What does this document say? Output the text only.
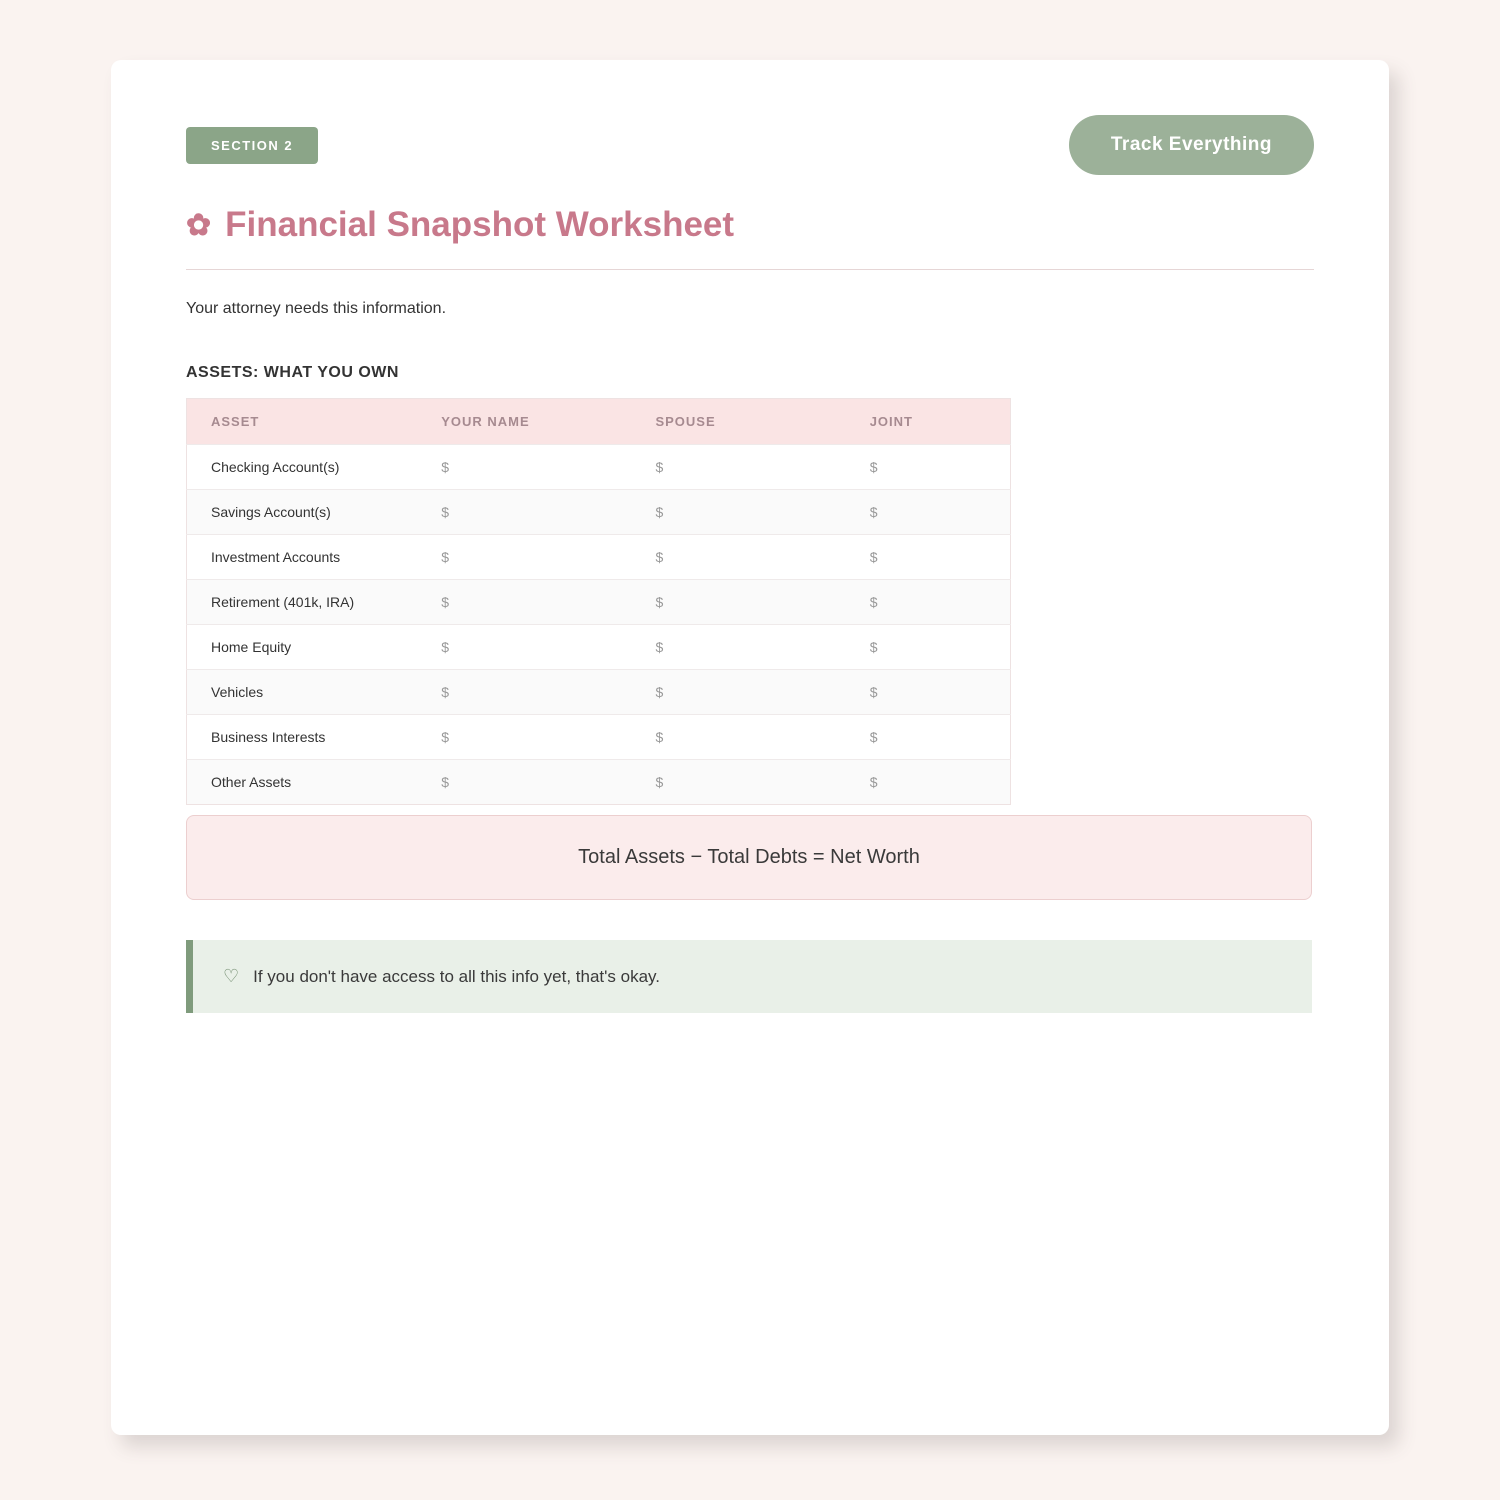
SECTION 2	Track Everything
✿ Financial Snapshot Worksheet

Your attorney needs this information.

ASSETS: WHAT YOU OWN
ASSET	YOUR NAME	SPOUSE	JOINT
Checking Account(s)	$	$	$
Savings Account(s)	$	$	$
Investment Accounts	$	$	$
Retirement (401k, IRA)	$	$	$
Home Equity	$	$	$
Vehicles	$	$	$
Business Interests	$	$	$
Other Assets	$	$	$
Total Assets − Total Debts = Net Worth
♡ If you don't have access to all this info yet, that's okay.
